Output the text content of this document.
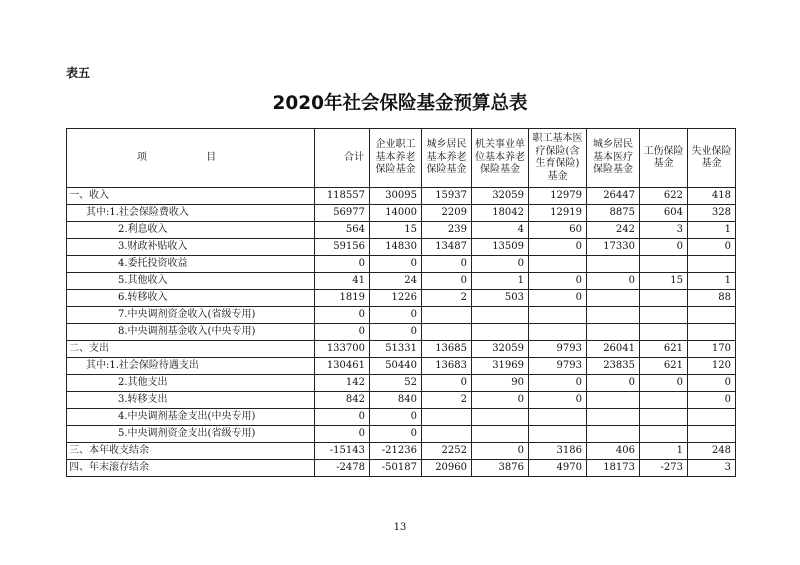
表五
2020年社会保险基金预算总表
项 目	合计	企业职工基本养老保险基金	城乡居民基本养老保险基金	机关事业单位基本养老保险基金	职工基本医疗保险(含生育保险)基金	城乡居民基本医疗保险基金	工伤保险基金	失业保险基金
一、收入	118557	30095	15937	32059	12979	26447	622	418
其中:1.社会保险费收入	56977	14000	2209	18042	12919	8875	604	328
2.利息收入	564	15	239	4	60	242	3	1
3.财政补贴收入	59156	14830	13487	13509	0	17330	0	0
4.委托投资收益	0	0	0	0				
5.其他收入	41	24	0	1	0	0	15	1
6.转移收入	1819	1226	2	503	0			88
7.中央调剂资金收入(省级专用)	0	0						
8.中央调剂基金收入(中央专用)	0	0						
二、支出	133700	51331	13685	32059	9793	26041	621	170
其中:1.社会保险待遇支出	130461	50440	13683	31969	9793	23835	621	120
2.其他支出	142	52	0	90	0	0	0	0
3.转移支出	842	840	2	0	0			0
4.中央调剂基金支出(中央专用)	0	0						
5.中央调剂资金支出(省级专用)	0	0						
三、本年收支结余	-15143	-21236	2252	0	3186	406	1	248
四、年末滚存结余	-2478	-50187	20960	3876	4970	18173	-273	3
13
